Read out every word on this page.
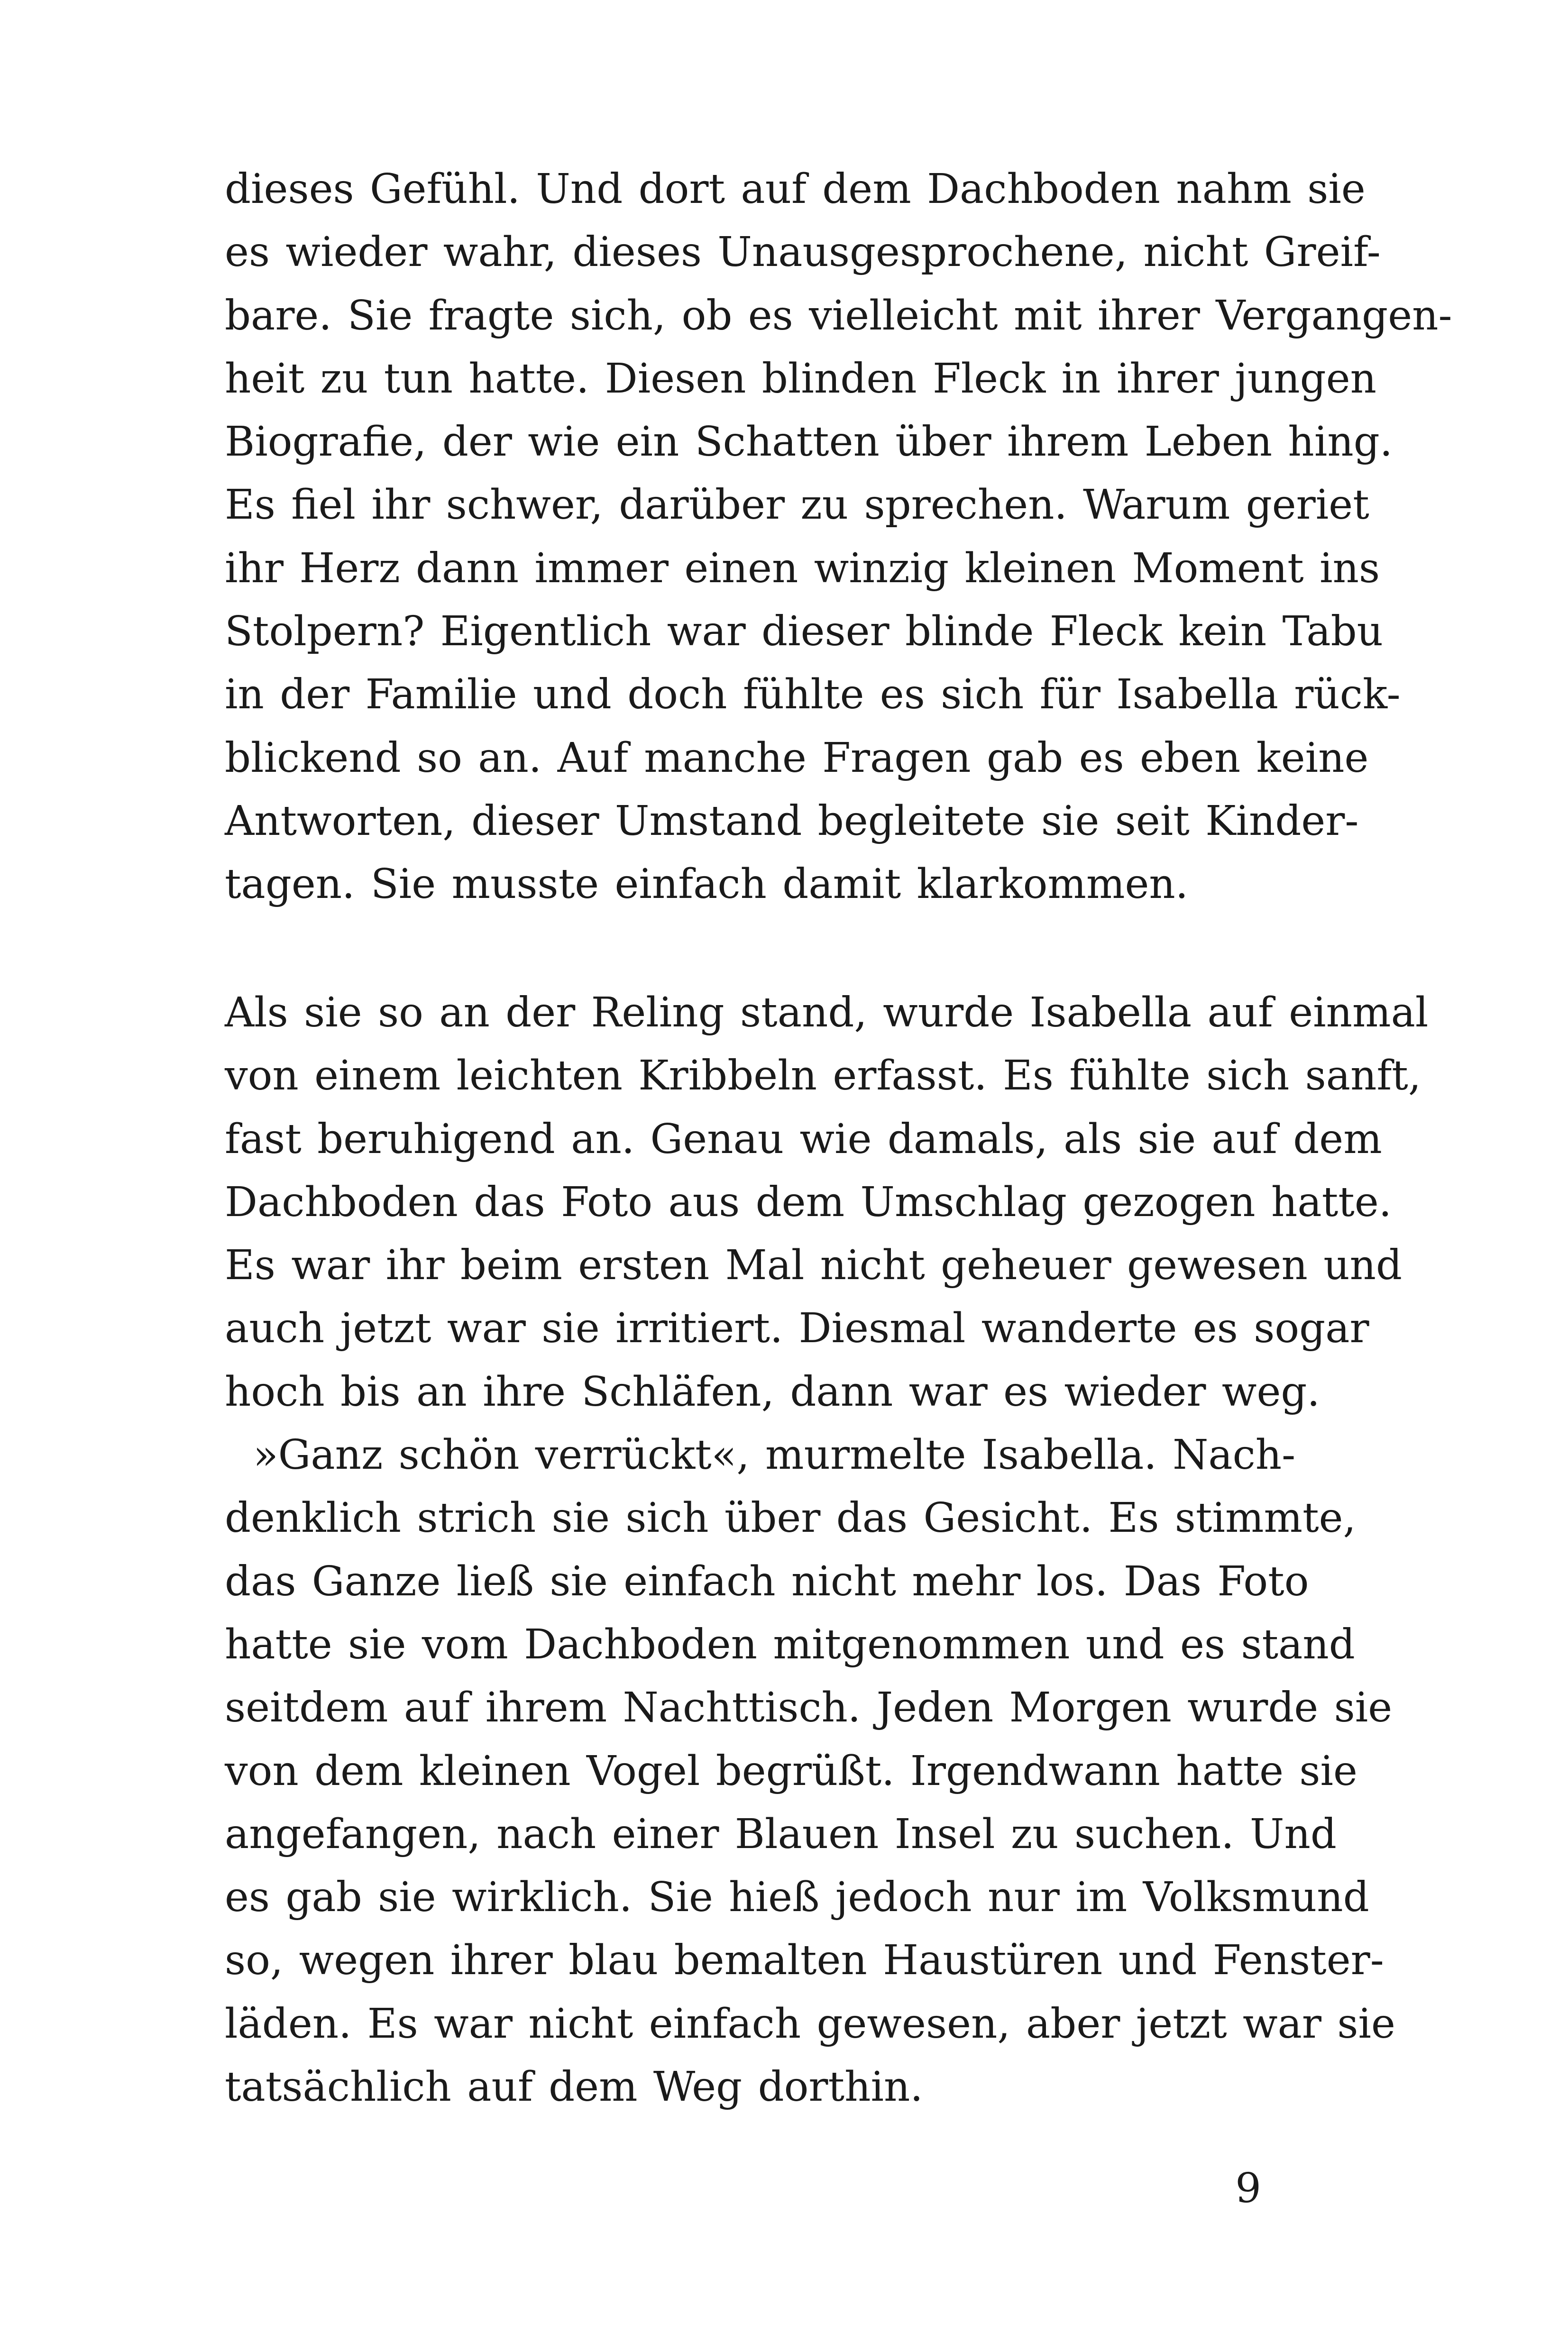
dieses Gefühl. Und dort auf dem Dachboden nahm sie
es wieder wahr, dieses Unausgesprochene, nicht Greif-
bare. Sie fragte sich, ob es vielleicht mit ihrer Vergangen-
heit zu tun hatte. Diesen blinden Fleck in ihrer jungen
Biografie, der wie ein Schatten über ihrem Leben hing.
Es fiel ihr schwer, darüber zu sprechen. Warum geriet
ihr Herz dann immer einen winzig kleinen Moment ins
Stolpern? Eigentlich war dieser blinde Fleck kein Tabu
in der Familie und doch fühlte es sich für Isabella rück-
blickend so an. Auf manche Fragen gab es eben keine
Antworten, dieser Umstand begleitete sie seit Kinder-
tagen. Sie musste einfach damit klarkommen.
Als sie so an der Reling stand, wurde Isabella auf einmal
von einem leichten Kribbeln erfasst. Es fühlte sich sanft,
fast beruhigend an. Genau wie damals, als sie auf dem
Dachboden das Foto aus dem Umschlag gezogen hatte.
Es war ihr beim ersten Mal nicht geheuer gewesen und
auch jetzt war sie irritiert. Diesmal wanderte es sogar
hoch bis an ihre Schläfen, dann war es wieder weg.
»Ganz schön verrückt«, murmelte Isabella. Nach-
denklich strich sie sich über das Gesicht. Es stimmte,
das Ganze ließ sie einfach nicht mehr los. Das Foto
hatte sie vom Dachboden mitgenommen und es stand
seitdem auf ihrem Nachttisch. Jeden Morgen wurde sie
von dem kleinen Vogel begrüßt. Irgendwann hatte sie
angefangen, nach einer Blauen Insel zu suchen. Und
es gab sie wirklich. Sie hieß jedoch nur im Volksmund
so, wegen ihrer blau bemalten Haustüren und Fenster-
läden. Es war nicht einfach gewesen, aber jetzt war sie
tatsächlich auf dem Weg dorthin.
9
